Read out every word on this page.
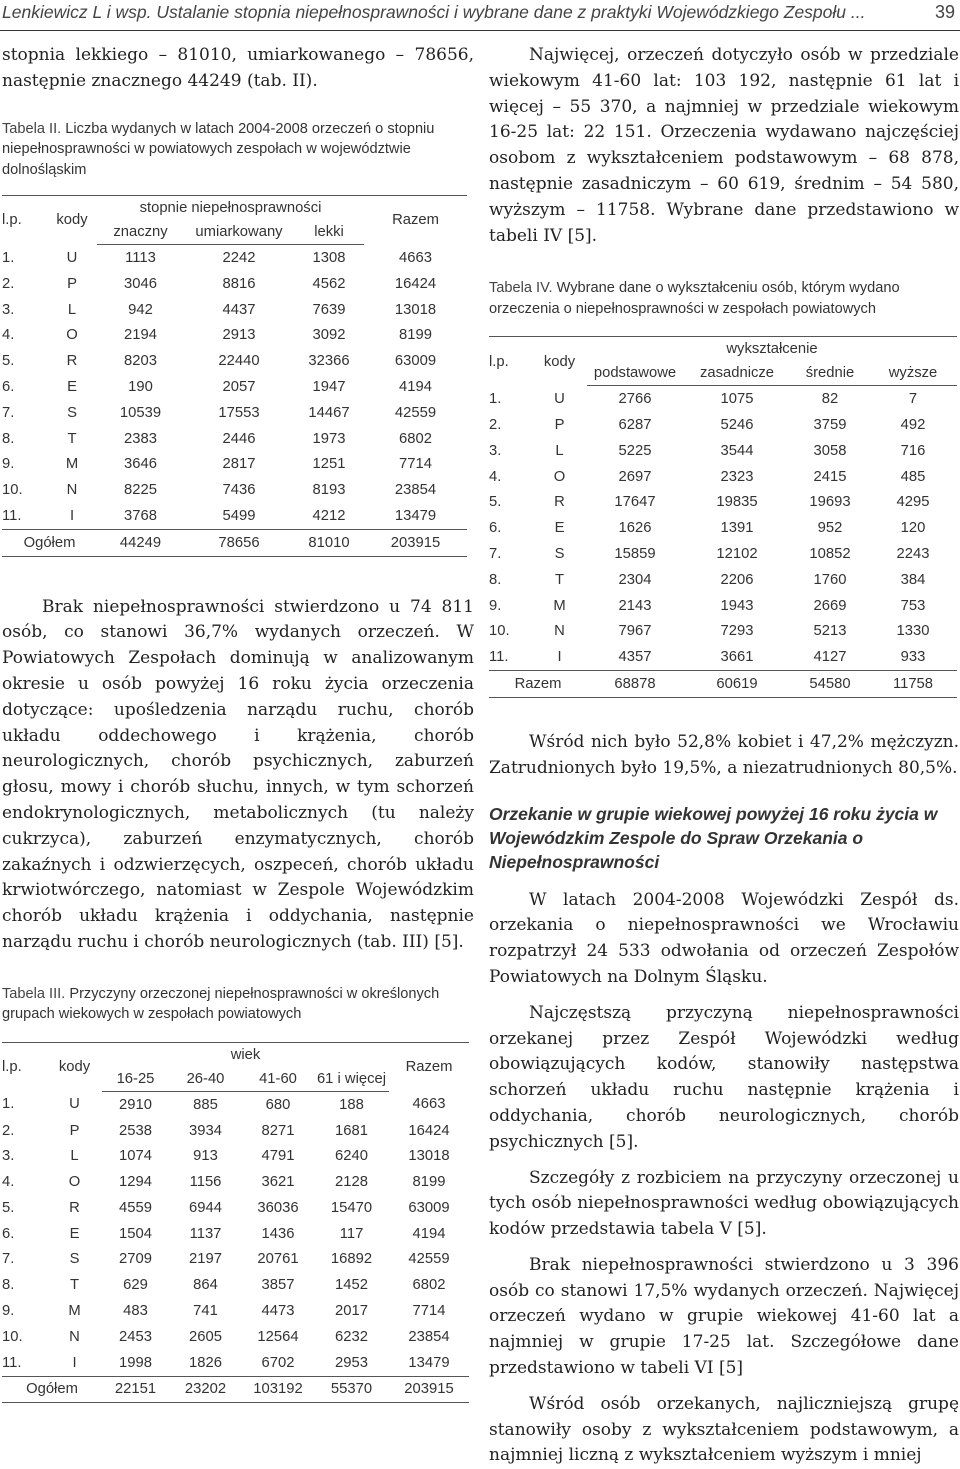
Lenkiewicz L i wsp. Ustalanie stopnia niepełnosprawności i wybrane dane z praktyki Wojewódzkiego Zespołu ...	39

stopnia lekkiego – 81010, umiarkowanego – 78656, następnie znacznego 44249 (tab. II).

Tabela II. Liczba wydanych w latach 2004-2008 orzeczeń o stopniu niepełnosprawności w powiatowych zespołach w województwie dolnośląskim

l.p.	kody	stopnie niepełnosprawności			Razem
		znaczny	umiarkowany	lekki	
1.	U	1113	2242	1308	4663
2.	P	3046	8816	4562	16424
3.	L	942	4437	7639	13018
4.	O	2194	2913	3092	8199
5.	R	8203	22440	32366	63009
6.	E	190	2057	1947	4194
7.	S	10539	17553	14467	42559
8.	T	2383	2446	1973	6802
9.	M	3646	2817	1251	7714
10.	N	8225	7436	8193	23854
11.	I	3768	5499	4212	13479
Ogółem		44249	78656	81010	203915

Brak niepełnosprawności stwierdzono u 74 811 osób, co stanowi 36,7% wydanych orzeczeń. W Powiatowych Zespołach dominują w analizowanym okresie u osób powyżej 16 roku życia orzeczenia dotyczące: upośledzenia narządu ruchu, chorób układu oddechowego i krążenia, chorób neurologicznych, chorób psychicznych, zaburzeń głosu, mowy i chorób słuchu, innych, w tym schorzeń endokrynologicznych, metabolicznych (tu należy cukrzyca), zaburzeń enzymatycznych, chorób zakaźnych i odzwierzęcych, oszpeceń, chorób układu krwiotwórczego, natomiast w Zespole Wojewódzkim chorób układu krążenia i oddychania, następnie narządu ruchu i chorób neurologicznych (tab. III) [5].

Tabela III. Przyczyny orzeczonej niepełnosprawności w określonych grupach wiekowych w zespołach powiatowych

l.p.	kody	wiek				Razem
		16-25	26-40	41-60	61 i więcej	
1.	U	2910	885	680	188	4663
2.	P	2538	3934	8271	1681	16424
3.	L	1074	913	4791	6240	13018
4.	O	1294	1156	3621	2128	8199
5.	R	4559	6944	36036	15470	63009
6.	E	1504	1137	1436	117	4194
7.	S	2709	2197	20761	16892	42559
8.	T	629	864	3857	1452	6802
9.	M	483	741	4473	2017	7714
10.	N	2453	2605	12564	6232	23854
11.	I	1998	1826	6702	2953	13479
Ogółem		22151	23202	103192	55370	203915

Najwięcej, orzeczeń dotyczyło osób w przedziale wiekowym 41-60 lat: 103 192, następnie 61 lat i więcej – 55 370, a najmniej w przedziale wiekowym 16-25 lat: 22 151. Orzeczenia wydawano najczęściej osobom z wykształceniem podstawowym – 68 878, następnie zasadniczym – 60 619, średnim – 54 580, wyższym – 11758. Wybrane dane przedstawiono w tabeli IV [5].

Tabela IV. Wybrane dane o wykształceniu osób, którym wydano orzeczenia o niepełnosprawności w zespołach powiatowych

l.p.	kody	wykształcenie			
		podstawowe	zasadnicze	średnie	wyższe
1.	U	2766	1075	82	7
2.	P	6287	5246	3759	492
3.	L	5225	3544	3058	716
4.	O	2697	2323	2415	485
5.	R	17647	19835	19693	4295
6.	E	1626	1391	952	120
7.	S	15859	12102	10852	2243
8.	T	2304	2206	1760	384
9.	M	2143	1943	2669	753
10.	N	7967	7293	5213	1330
11.	I	4357	3661	4127	933
Razem		68878	60619	54580	11758

Wśród nich było 52,8% kobiet i 47,2% mężczyzn. Zatrudnionych było 19,5%, a niezatrudnionych 80,5%.

Orzekanie w grupie wiekowej powyżej 16 roku życia w Wojewódzkim Zespole do Spraw Orzekania o Niepełnosprawności

W latach 2004-2008 Wojewódzki Zespół ds. orzekania o niepełnosprawności we Wrocławiu rozpatrzył 24 533 odwołania od orzeczeń Zespołów Powiatowych na Dolnym Śląsku.

Najczęstszą przyczyną niepełnosprawności orzekanej przez Zespół Wojewódzki według obowiązujących kodów, stanowiły następstwa schorzeń układu ruchu następnie krążenia i oddychania, chorób neurologicznych, chorób psychicznych [5].

Szczegóły z rozbiciem na przyczyny orzeczonej u tych osób niepełnosprawności według obowiązujących kodów przedstawia tabela V [5].

Brak niepełnosprawności stwierdzono u 3 396 osób co stanowi 17,5% wydanych orzeczeń. Najwięcej orzeczeń wydano w grupie wiekowej 41-60 lat a najmniej w grupie 17-25 lat. Szczegółowe dane przedstawiono w tabeli VI [5]

Wśród osób orzekanych, najliczniejszą grupę stanowiły osoby z wykształceniem podstawowym, a najmniej liczną z wykształceniem wyższym i mniej
